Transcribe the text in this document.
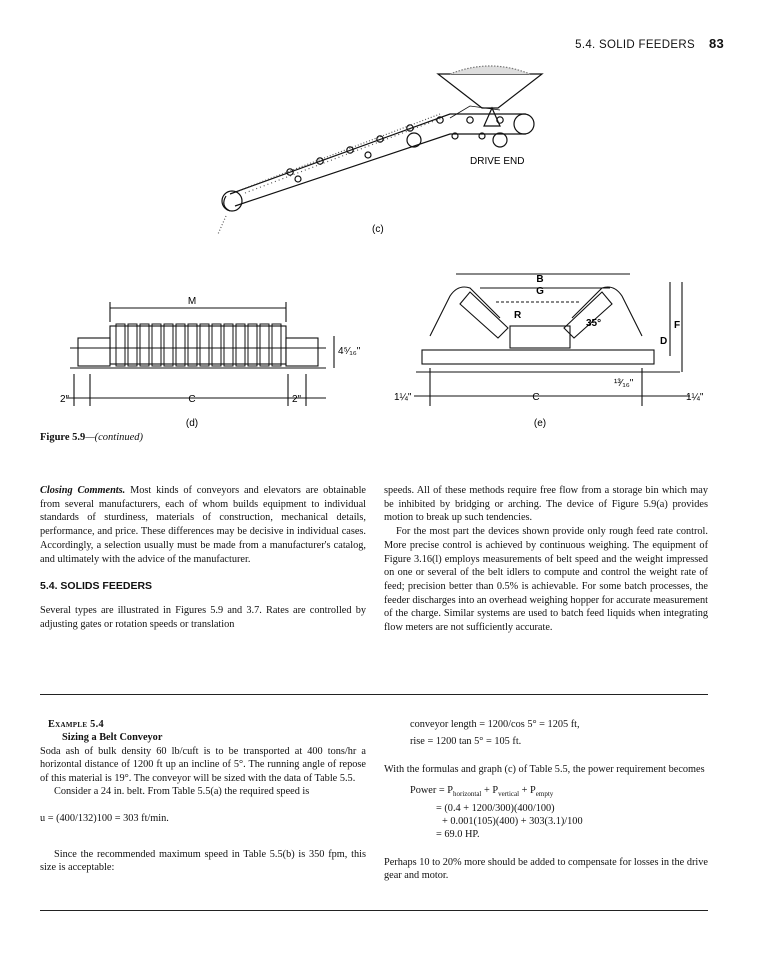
5.4. SOLID FEEDERS 83
DRIVE END
(c)
M
C
2"	2"
4⁵⁄₁₆"
(d)
B
G
R
35°	F
D
C
1¼"	1¼"
¹³⁄₁₆"
(e)
Figure 5.9—(continued)

Closing Comments. Most kinds of conveyors and elevators are obtainable from several manufacturers, each of whom builds equipment to individual standards of sturdiness, materials of construction, mechanical details, performance, and price. These differences may be decisive in individual cases. Accordingly, a selection usually must be made from a manufacturer's catalog, and ultimately with the advice of the manufacturer.

5.4. SOLIDS FEEDERS

Several types are illustrated in Figures 5.9 and 3.7. Rates are controlled by adjusting gates or rotation speeds or translation

speeds. All of these methods require free flow from a storage bin which may be inhibited by bridging or arching. The device of Figure 5.9(a) provides motion to break up such tendencies.

For the most part the devices shown provide only rough feed rate control. More precise control is achieved by continuous weighing. The equipment of Figure 3.16(l) employs measurements of belt speed and the weight impressed on one or several of the belt idlers to compute and control the weight rate of feed; precision better than 0.5% is achievable. For some batch processes, the feeder discharges into an overhead weighing hopper for accurate measurement of the charge. Similar systems are used to batch feed liquids when integrating flow meters are not sufficiently accurate.

Example 5.4

Sizing a Belt Conveyor

Soda ash of bulk density 60 lb/cuft is to be transported at 400 tons/hr a horizontal distance of 1200 ft up an incline of 5°. The running angle of repose of this material is 19°. The conveyor will be sized with the data of Table 5.5.

Consider a 24 in. belt. From Table 5.5(a) the required speed is

u = (400/132)100 = 303 ft/min.

Since the recommended maximum speed in Table 5.5(b) is 350 fpm, this size is acceptable:

conveyor length = 1200/cos 5° = 1205 ft,

rise = 1200 tan 5° = 105 ft.

With the formulas and graph (c) of Table 5.5, the power requirement becomes

Power = $P_{horizontal} + P_{vertical} + P_{empty}$

= (0.4 + 1200/300)(400/100)

+ 0.001(105)(400) + 303(3.1)/100

= 69.0 HP.

Perhaps 10 to 20% more should be added to compensate for losses in the drive gear and motor.
